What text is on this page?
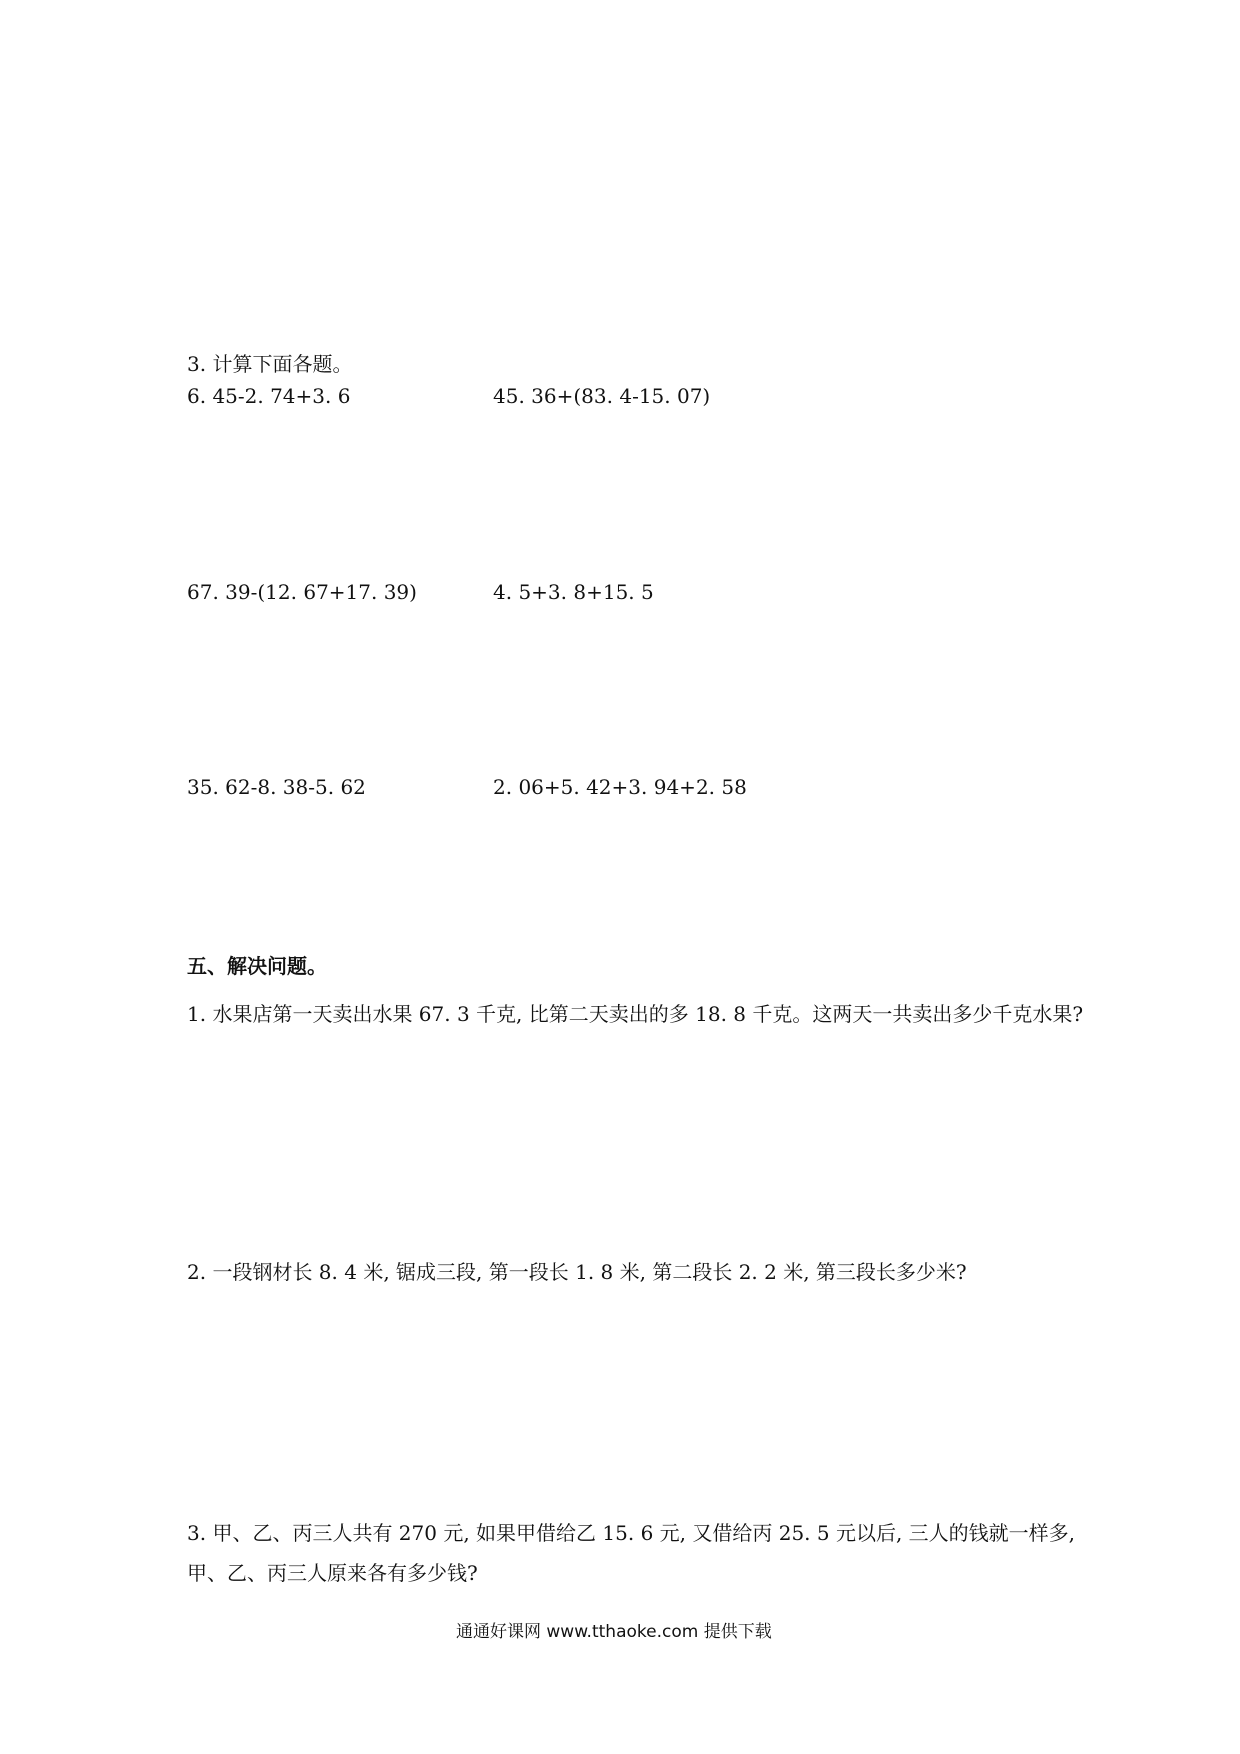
3. 计算下面各题。
6. 45-2. 74+3. 6	45. 36+(83. 4-15. 07)
67. 39-(12. 67+17. 39)	4. 5+3. 8+15. 5
35. 62-8. 38-5. 62	2. 06+5. 42+3. 94+2. 58
五、解决问题。
1. 水果店第一天卖出水果 67. 3 千克, 比第二天卖出的多 18. 8 千克。这两天一共卖出多少千克水果?
2. 一段钢材长 8. 4 米, 锯成三段, 第一段长 1. 8 米, 第二段长 2. 2 米, 第三段长多少米?
3. 甲、乙、丙三人共有 270 元, 如果甲借给乙 15. 6 元, 又借给丙 25. 5 元以后, 三人的钱就一样多, 甲、乙、丙三人原来各有多少钱?
通通好课网 www.tthaoke.com 提供下载
